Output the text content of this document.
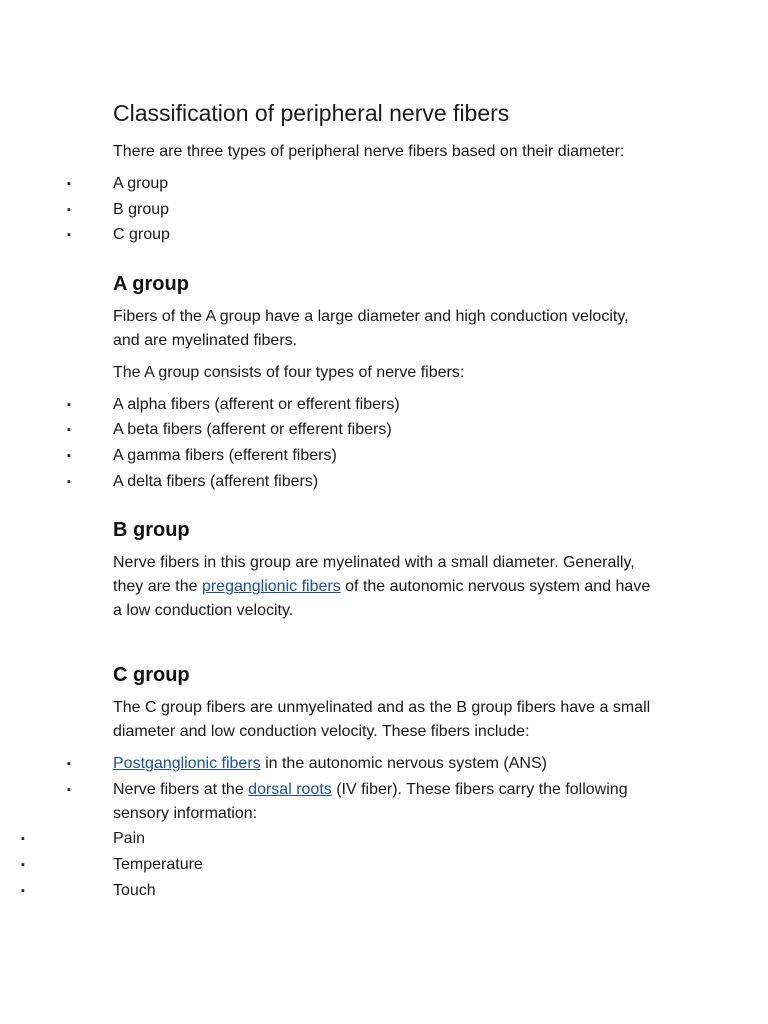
Classification of peripheral nerve fibers

There are three types of peripheral nerve fibers based on their diameter:

▪	A group
▪	B group
▪	C group
A group

Fibers of the A group have a large diameter and high conduction velocity, and are myelinated fibers.

The A group consists of four types of nerve fibers:

▪	A alpha fibers (afferent or efferent fibers)
▪	A beta fibers (afferent or efferent fibers)
▪	A gamma fibers (efferent fibers)
▪	A delta fibers (afferent fibers)
B group

Nerve fibers in this group are myelinated with a small diameter. Generally, they are the preganglionic fibers of the autonomic nervous system and have a low conduction velocity.

C group

The C group fibers are unmyelinated and as the B group fibers have a small diameter and low conduction velocity. These fibers include:

▪	Postganglionic fibers in the autonomic nervous system (ANS)
▪	Nerve fibers at the dorsal roots (IV fiber). These fibers carry the following sensory information:
▪	Pain
▪	Temperature
▪	Touch
